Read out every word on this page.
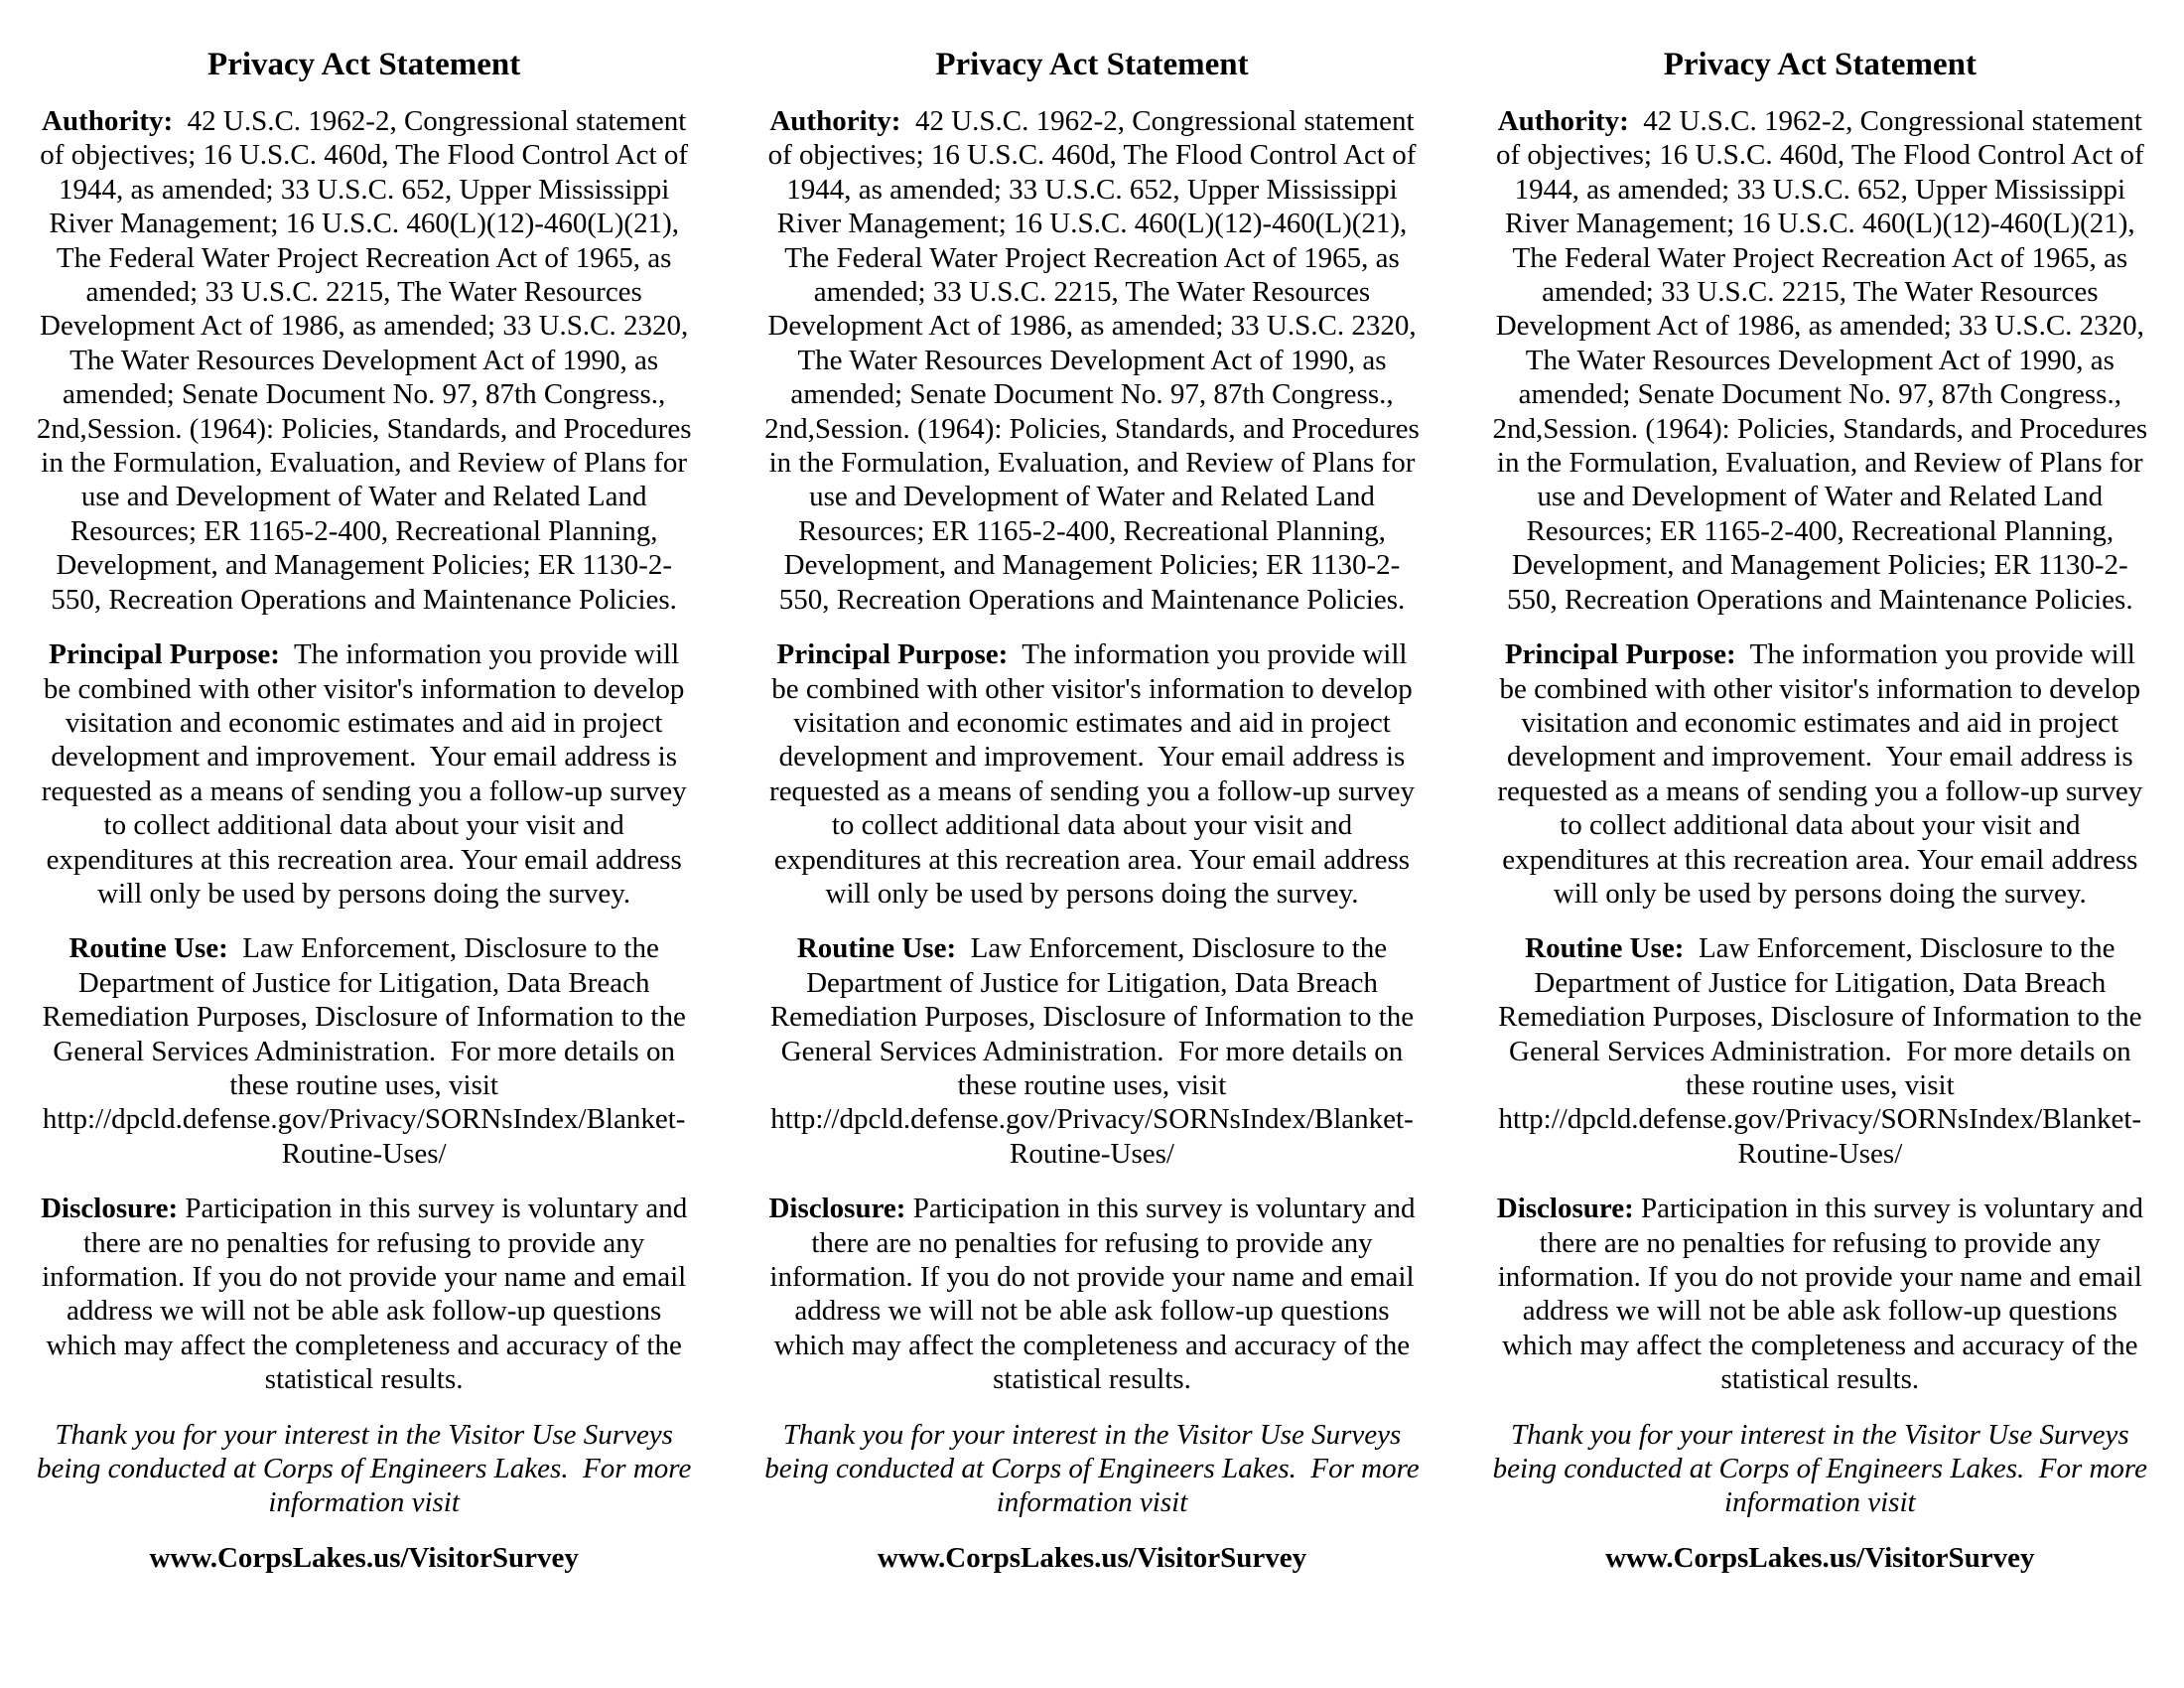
Privacy Act Statement

Authority:  42 U.S.C. 1962-2, Congressional statement of objectives; 16 U.S.C. 460d, The Flood Control Act of 1944, as amended; 33 U.S.C. 652, Upper Mississippi River Management; 16 U.S.C. 460(L)(12)-460(L)(21), The Federal Water Project Recreation Act of 1965, as amended; 33 U.S.C. 2215, The Water Resources Development Act of 1986, as amended; 33 U.S.C. 2320, The Water Resources Development Act of 1990, as amended; Senate Document No. 97, 87th Congress., 2nd,Session. (1964): Policies, Standards, and Procedures in the Formulation, Evaluation, and Review of Plans for use and Development of Water and Related Land Resources; ER 1165-2-400, Recreational Planning, Development, and Management Policies; ER 1130-2-550, Recreation Operations and Maintenance Policies.

Principal Purpose:  The information you provide will be combined with other visitor's information to develop visitation and economic estimates and aid in project development and improvement.  Your email address is requested as a means of sending you a follow-up survey to collect additional data about your visit and expenditures at this recreation area. Your email address will only be used by persons doing the survey.

Routine Use:  Law Enforcement, Disclosure to the Department of Justice for Litigation, Data Breach Remediation Purposes, Disclosure of Information to the General Services Administration.  For more details on these routine uses, visit http://dpcld.defense.gov/Privacy/SORNsIndex/Blanket-Routine-Uses/

Disclosure: Participation in this survey is voluntary and there are no penalties for refusing to provide any information. If you do not provide your name and email address we will not be able ask follow-up questions which may affect the completeness and accuracy of the statistical results.

Thank you for your interest in the Visitor Use Surveys being conducted at Corps of Engineers Lakes.  For more information visit

www.CorpsLakes.us/VisitorSurvey

Privacy Act Statement

Authority:  42 U.S.C. 1962-2, Congressional statement of objectives; 16 U.S.C. 460d, The Flood Control Act of 1944, as amended; 33 U.S.C. 652, Upper Mississippi River Management; 16 U.S.C. 460(L)(12)-460(L)(21), The Federal Water Project Recreation Act of 1965, as amended; 33 U.S.C. 2215, The Water Resources Development Act of 1986, as amended; 33 U.S.C. 2320, The Water Resources Development Act of 1990, as amended; Senate Document No. 97, 87th Congress., 2nd,Session. (1964): Policies, Standards, and Procedures in the Formulation, Evaluation, and Review of Plans for use and Development of Water and Related Land Resources; ER 1165-2-400, Recreational Planning, Development, and Management Policies; ER 1130-2-550, Recreation Operations and Maintenance Policies.

Principal Purpose:  The information you provide will be combined with other visitor's information to develop visitation and economic estimates and aid in project development and improvement.  Your email address is requested as a means of sending you a follow-up survey to collect additional data about your visit and expenditures at this recreation area. Your email address will only be used by persons doing the survey.

Routine Use:  Law Enforcement, Disclosure to the Department of Justice for Litigation, Data Breach Remediation Purposes, Disclosure of Information to the General Services Administration.  For more details on these routine uses, visit http://dpcld.defense.gov/Privacy/SORNsIndex/Blanket-Routine-Uses/

Disclosure: Participation in this survey is voluntary and there are no penalties for refusing to provide any information. If you do not provide your name and email address we will not be able ask follow-up questions which may affect the completeness and accuracy of the statistical results.

Thank you for your interest in the Visitor Use Surveys being conducted at Corps of Engineers Lakes.  For more information visit

www.CorpsLakes.us/VisitorSurvey

Privacy Act Statement

Authority:  42 U.S.C. 1962-2, Congressional statement of objectives; 16 U.S.C. 460d, The Flood Control Act of 1944, as amended; 33 U.S.C. 652, Upper Mississippi River Management; 16 U.S.C. 460(L)(12)-460(L)(21), The Federal Water Project Recreation Act of 1965, as amended; 33 U.S.C. 2215, The Water Resources Development Act of 1986, as amended; 33 U.S.C. 2320, The Water Resources Development Act of 1990, as amended; Senate Document No. 97, 87th Congress., 2nd,Session. (1964): Policies, Standards, and Procedures in the Formulation, Evaluation, and Review of Plans for use and Development of Water and Related Land Resources; ER 1165-2-400, Recreational Planning, Development, and Management Policies; ER 1130-2-550, Recreation Operations and Maintenance Policies.

Principal Purpose:  The information you provide will be combined with other visitor's information to develop visitation and economic estimates and aid in project development and improvement.  Your email address is requested as a means of sending you a follow-up survey to collect additional data about your visit and expenditures at this recreation area. Your email address will only be used by persons doing the survey.

Routine Use:  Law Enforcement, Disclosure to the Department of Justice for Litigation, Data Breach Remediation Purposes, Disclosure of Information to the General Services Administration.  For more details on these routine uses, visit http://dpcld.defense.gov/Privacy/SORNsIndex/Blanket-Routine-Uses/

Disclosure: Participation in this survey is voluntary and there are no penalties for refusing to provide any information. If you do not provide your name and email address we will not be able ask follow-up questions which may affect the completeness and accuracy of the statistical results.

Thank you for your interest in the Visitor Use Surveys being conducted at Corps of Engineers Lakes.  For more information visit

www.CorpsLakes.us/VisitorSurvey
